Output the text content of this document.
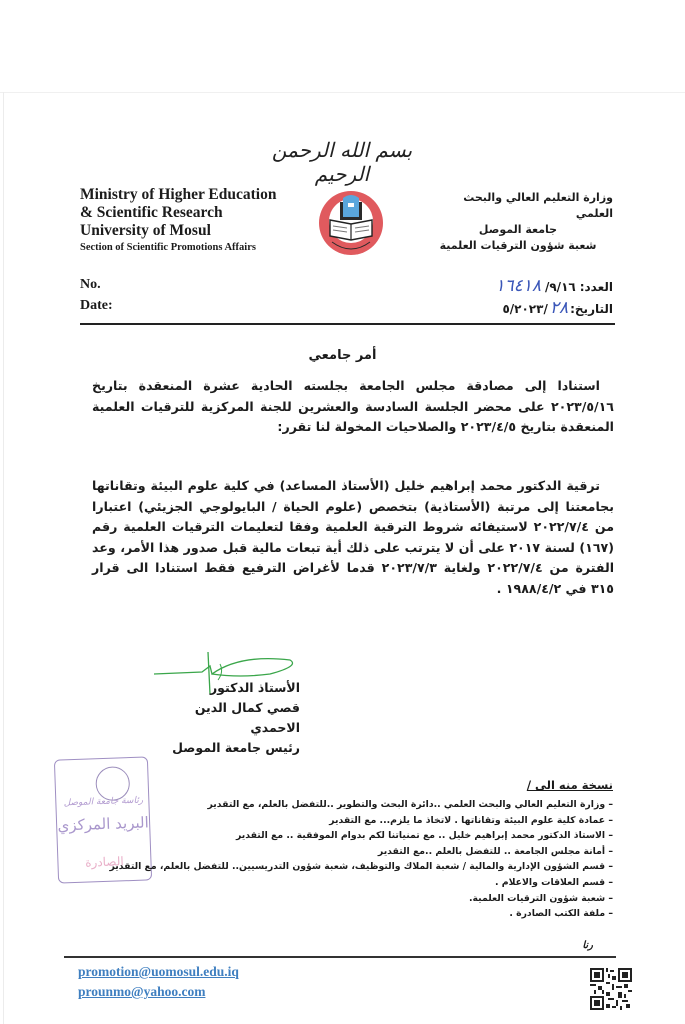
بسم الله الرحمن الرحيم
Ministry of Higher Education
& Scientific Research
University of Mosul
Section of Scientific Promotions Affairs
وزارة التعليم العالي والبحث العلمي
جامعة الموصل
شعبة شؤون الترقيات العلمية
No.
Date:
العدد:
٩/١٦/
١٦٤١٨
التاريخ:
٢٨
/٥/٢٠٢٣
أمر جامعي
استنادا إلى مصادقة مجلس الجامعة بجلسته الحادية عشرة المنعقدة بتاريخ ٢٠٢٣/٥/١٦ على محضر الجلسة السادسة والعشرين للجنة المركزية للترقيات العلمية المنعقدة بتاريخ ٢٠٢٣/٤/٥ والصلاحيات المخولة لنا تقرر:
ترقية الدكتور محمد إبراهيم خليل (الأستاذ المساعد) في كلية علوم البيئة وتقاناتها بجامعتنا إلى مرتبة (الأستاذية) بتخصص (علوم الحياة / البايولوجي الجزيئي) اعتبارا من ٢٠٢٢/٧/٤ لاستيفائه شروط الترقية العلمية وفقا لتعليمات الترقيات العلمية رقم (١٦٧) لسنة ٢٠١٧ على أن لا يترتب على ذلك أية تبعات مالية قبل صدور هذا الأمر، وعد الفترة من ٢٠٢٢/٧/٤ ولغاية ٢٠٢٣/٧/٣ قدما لأغراض الترفيع فقط استنادا الى قرار ٣١٥ في ١٩٨٨/٤/٢ .
الأستاذ الدكتور
قصي كمال الدين الاحمدي
رئيس جامعة الموصل
رئاسة جامعة الموصل
البريد المركزي
الصادرة
نسخة منه الى /
– وزارة التعليم العالي والبحث العلمي ..دائرة البحث والتطوير ..للتفضل بالعلم، مع التقدير
– عمادة كلية علوم البيئة وتقاناتها . لاتخاذ ما يلزم... مع التقدير
– الاستاذ الدكتور محمد إبراهيم خليل .. مع تمنياتنا لكم بدوام الموفقية .. مع التقدير
– أمانة مجلس الجامعة .. للتفضل بالعلم ..مع التقدير
– قسم الشؤون الإدارية والمالية / شعبة الملاك والتوظيف، شعبة شؤون التدريسيين.. للتفضل بالعلم، مع التقدير
– قسم العلاقات والاعلام .
– شعبة شؤون الترقيات العلمية.
– ملفة الكتب الصادرة .
رنا
promotion@uomosul.edu.iq
prounmo@yahoo.com
